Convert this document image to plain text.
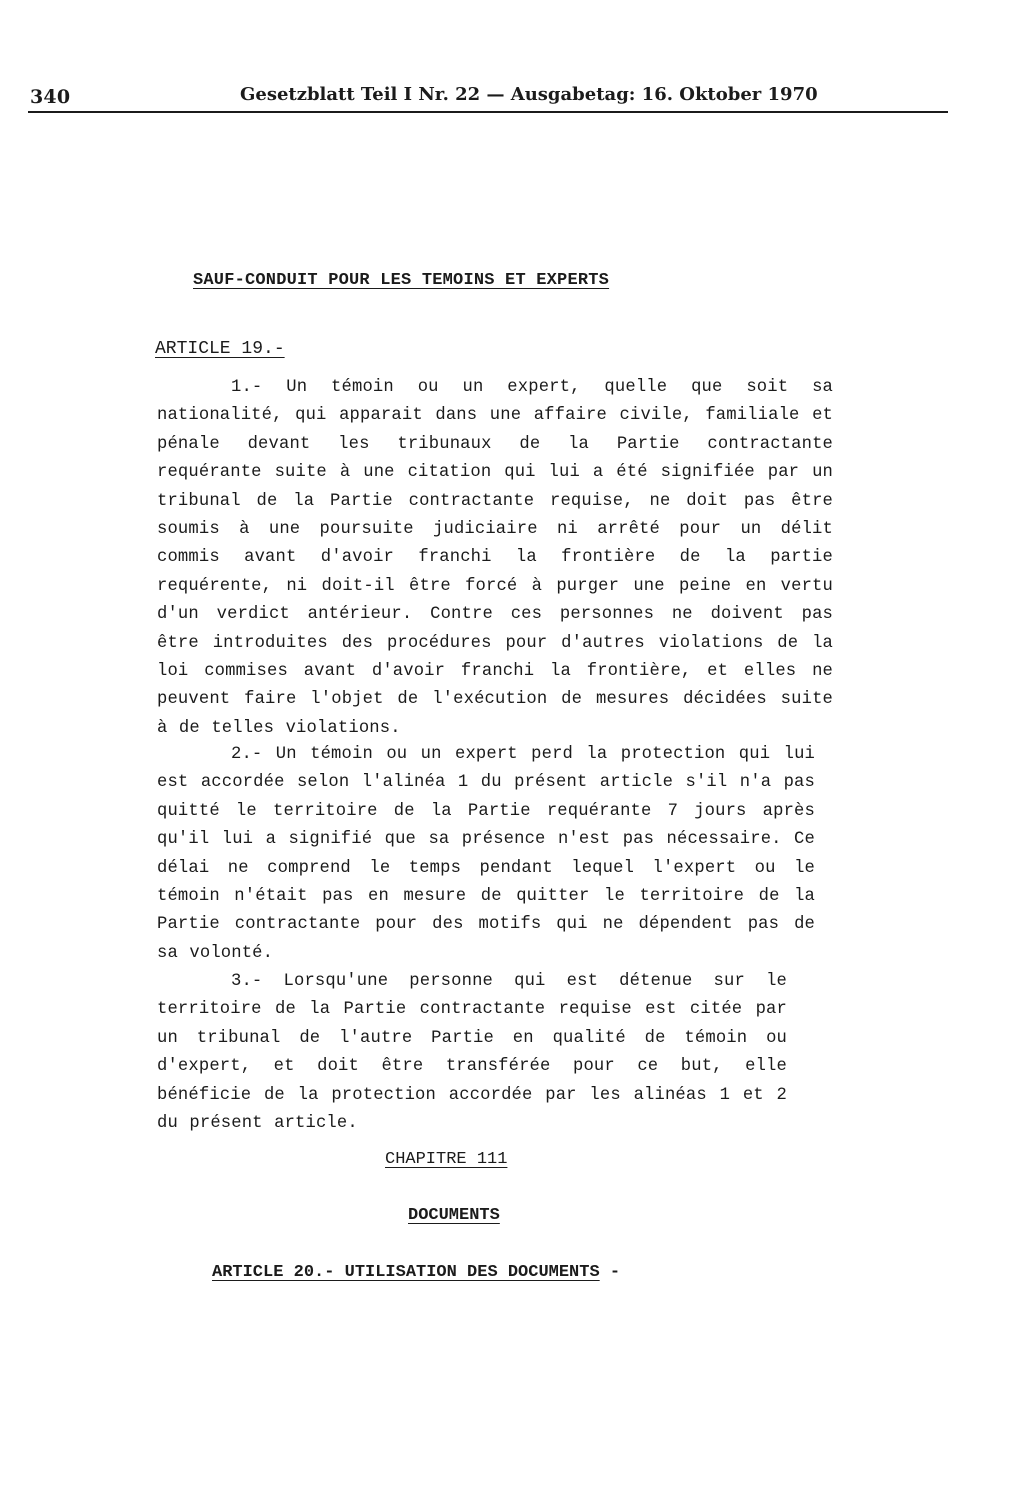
340	Gesetzblatt Teil I Nr. 22 — Ausgabetag: 16. Oktober 1970
SAUF-CONDUIT POUR LES TEMOINS ET EXPERTS
ARTICLE 19.-
1.- Un témoin ou un expert, quelle que soit sa nationalité, qui apparait dans une affaire civile, familiale et pénale devant les tribunaux de la Partie contractante requérante suite à une citation qui lui a été signifiée par un tribunal de la Partie contractante requise, ne doit pas être soumis à une poursuite judiciaire ni arrêté pour un délit commis avant d'avoir franchi la frontière de la partie requérente, ni doit-il être forcé à purger une peine en vertu d'un verdict antérieur. Contre ces personnes ne doivent pas être introduites des procédures pour d'autres violations de la loi commises avant d'avoir franchi la frontière, et elles ne peuvent faire l'objet de l'exécution de mesures décidées suite à de telles violations.
2.- Un témoin ou un expert perd la protection qui lui est accordée selon l'alinéa 1 du présent article s'il n'a pas quitté le territoire de la Partie requérante 7 jours après qu'il lui a signifié que sa présence n'est pas nécessaire. Ce délai ne comprend le temps pendant lequel l'expert ou le témoin n'était pas en mesure de quitter le territoire de la Partie contractante pour des motifs qui ne dépendent pas de sa volonté.
3.- Lorsqu'une personne qui est détenue sur le territoire de la Partie contractante requise est citée par un tribunal de l'autre Partie en qualité de témoin ou d'expert, et doit être transférée pour ce but, elle bénéficie de la protection accordée par les alinéas 1 et 2 du présent article.
CHAPITRE 111
DOCUMENTS
ARTICLE 20.- UTILISATION DES DOCUMENTS -
